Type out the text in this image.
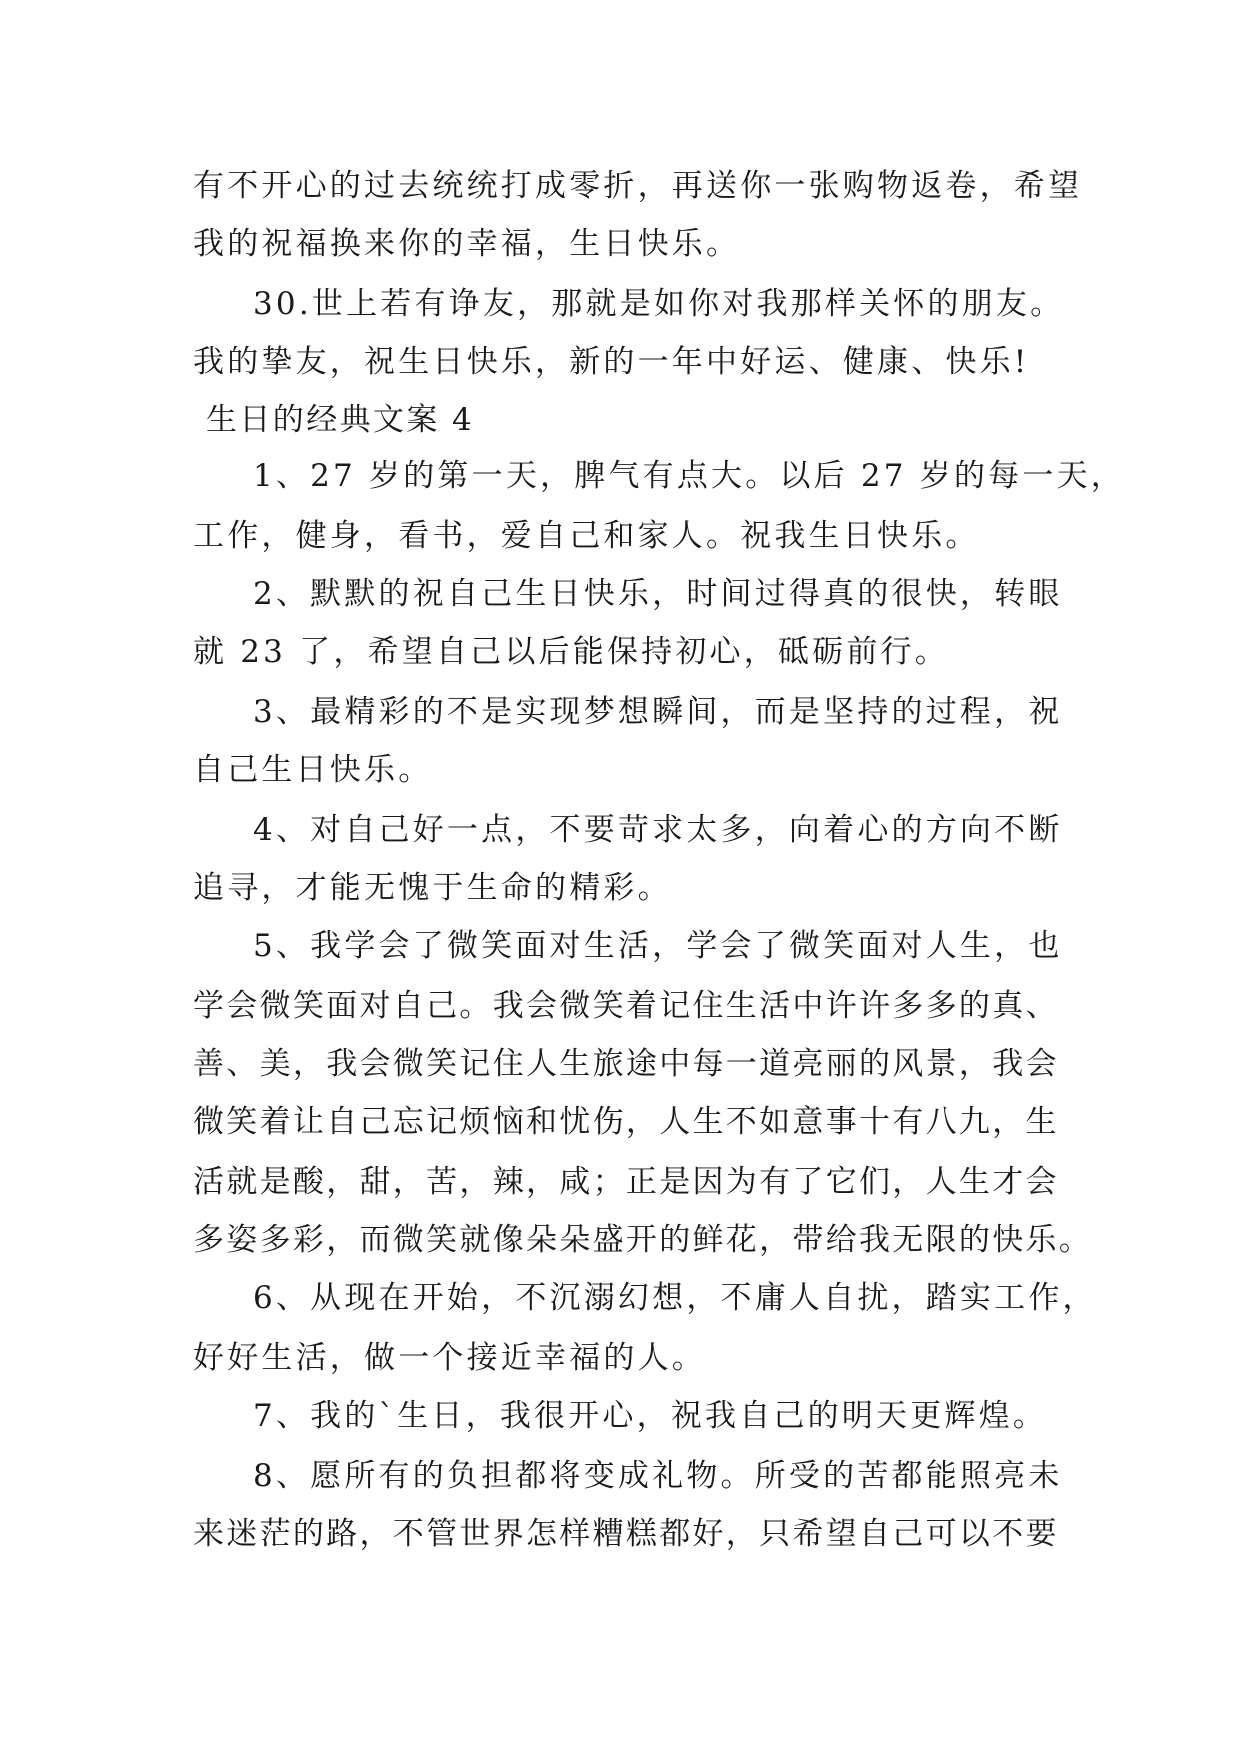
有不开心的过去统统打成零折，再送你一张购物返卷，希望
我的祝福换来你的幸福，生日快乐。
30.世上若有诤友，那就是如你对我那样关怀的朋友。
我的挚友，祝生日快乐，新的一年中好运、健康、快乐!
生日的经典文案 4
1、27 岁的第一天，脾气有点大。以后 27 岁的每一天，
工作，健身，看书，爱自己和家人。祝我生日快乐。
2、默默的祝自己生日快乐，时间过得真的很快，转眼
就 23 了，希望自己以后能保持初心，砥砺前行。
3、最精彩的不是实现梦想瞬间，而是坚持的过程，祝
自己生日快乐。
4、对自己好一点，不要苛求太多，向着心的方向不断
追寻，才能无愧于生命的精彩。
5、我学会了微笑面对生活，学会了微笑面对人生，也
学会微笑面对自己。我会微笑着记住生活中许许多多的真、
善、美，我会微笑记住人生旅途中每一道亮丽的风景，我会
微笑着让自己忘记烦恼和忧伤，人生不如意事十有八九，生
活就是酸，甜，苦，辣，咸；正是因为有了它们，人生才会
多姿多彩，而微笑就像朵朵盛开的鲜花，带给我无限的快乐。
6、从现在开始，不沉溺幻想，不庸人自扰，踏实工作，
好好生活，做一个接近幸福的人。
7、我的`生日，我很开心，祝我自己的明天更辉煌。
8、愿所有的负担都将变成礼物。所受的苦都能照亮未
来迷茫的路，不管世界怎样糟糕都好，只希望自己可以不要
